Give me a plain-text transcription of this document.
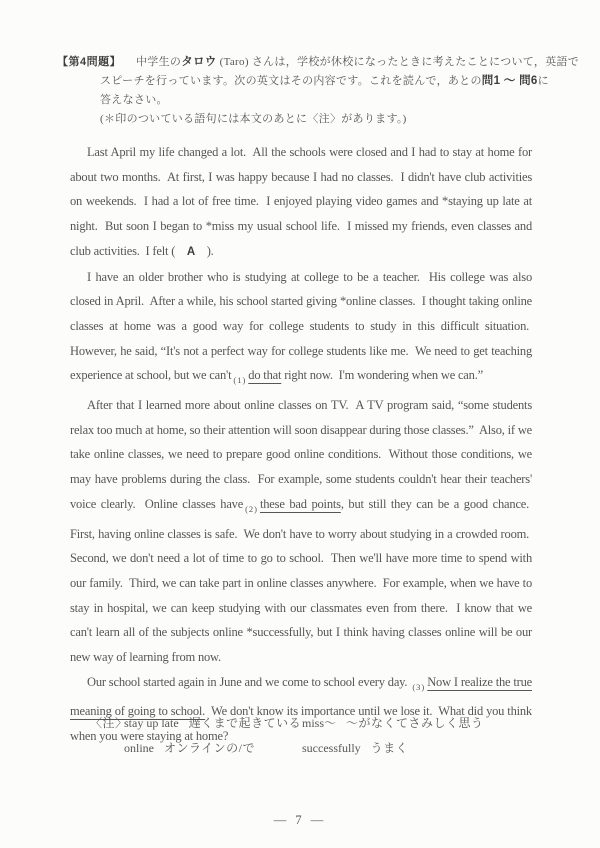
【第4問題】	中学生のタロウ (Taro) さんは，学校が休校になったときに考えたことについて，英語で
スピーチを行っています。次の英文はその内容です。これを読んで，あとの問1 ～ 問6に
答えなさい。
(＊印のついている語句には本文のあとに〈注〉があります。)

Last April my life changed a lot.  All the schools were closed and I had to stay at home for about two months.  At first, I was happy because I had no classes.  I didn't have club activities on weekends.  I had a lot of free time.  I enjoyed playing video games and *staying up late at night.  But soon I began to *miss my usual school life.  I missed my friends, even classes and club activities.  I felt (    A    ).

I have an older brother who is studying at college to be a teacher.  His college was also closed in April.  After a while, his school started giving *online classes.  I thought taking online classes at home was a good way for college students to study in this difficult situation.  However, he said, “It's not a perfect way for college students like me.  We need to get teaching experience at school, but we can't $_{(1)}$ do that right now.  I'm wondering when we can.”

After that I learned more about online classes on TV.  A TV program said, “some students relax too much at home, so their attention will soon disappear during those classes.”  Also, if we take online classes, we need to prepare good online conditions.  Without those conditions, we may have problems during the class.  For example, some students couldn't hear their teachers' voice clearly.  Online classes have $_{(2)}$ these bad points, but still they can be a good chance.  First, having online classes is safe.  We don't have to worry about studying in a crowded room.  Second, we don't need a lot of time to go to school.  Then we'll have more time to spend with our family.  Third, we can take part in online classes anywhere.  For example, when we have to stay in hospital, we can keep studying with our classmates even from there.  I know that we can't learn all of the subjects online *successfully, but I think having classes online will be our new way of learning from now.

Our school started again in June and we come to school every day. $_{(3)}$ Now I realize the true meaning of going to school.  We don't know its importance until we lose it.  What did you think when you were staying at home?

〈注〉
stay up late 遅くまで起きている miss～ ～がなくてさみしく思う
online オンラインの/で	successfully うまく
— 7 —
